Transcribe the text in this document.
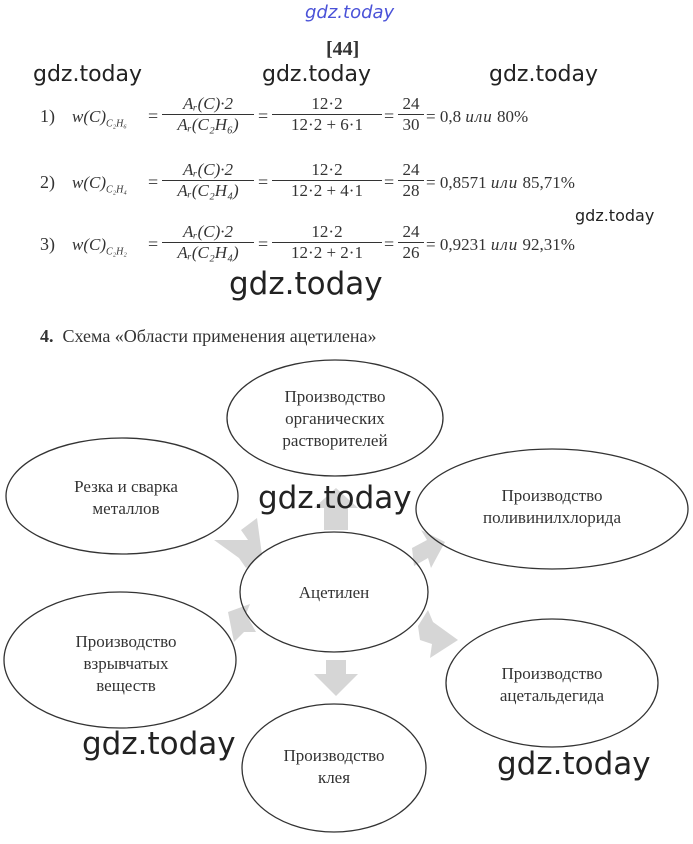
gdz.today
gdz.today	gdz.today	gdz.today
[44]
1) $w(C)_{C_2H_6} = \frac{\text{Aᵣ(C)·2}}{\text{Aᵣ(C₂H₆)}} = \frac{12\cdot 2}{12\cdot 2 + 6\cdot 1} = \frac{24}{30} = 0,8$ или 80%
2) $w(C)_{C_2H_4} = \frac{\text{Aᵣ(C)·2}}{\text{Aᵣ(C₂H₄)}} = \frac{12\cdot 2}{12\cdot 2 + 4\cdot 1} = \frac{24}{28} = 0,8571$ или 85,71%
gdz.today
3) $w(C)_{C_2H_2} = \frac{\text{Aᵣ(C)·2}}{\text{Aᵣ(C₂H₄)}} = \frac{12\cdot 2}{12\cdot 2 + 2\cdot 1} = \frac{24}{26} = 0,9231$ или 92,31%
gdz.today
4. Схема «Области применения ацетилена»
Производство
органических
растворителей
Резка и сварка
металлов
Производство
поливинилхлорида
Ацетилен
Производство
взрывчатых
веществ
Производство
ацетальдегида
Производство
клея
gdz.today
gdz.today
gdz.today
